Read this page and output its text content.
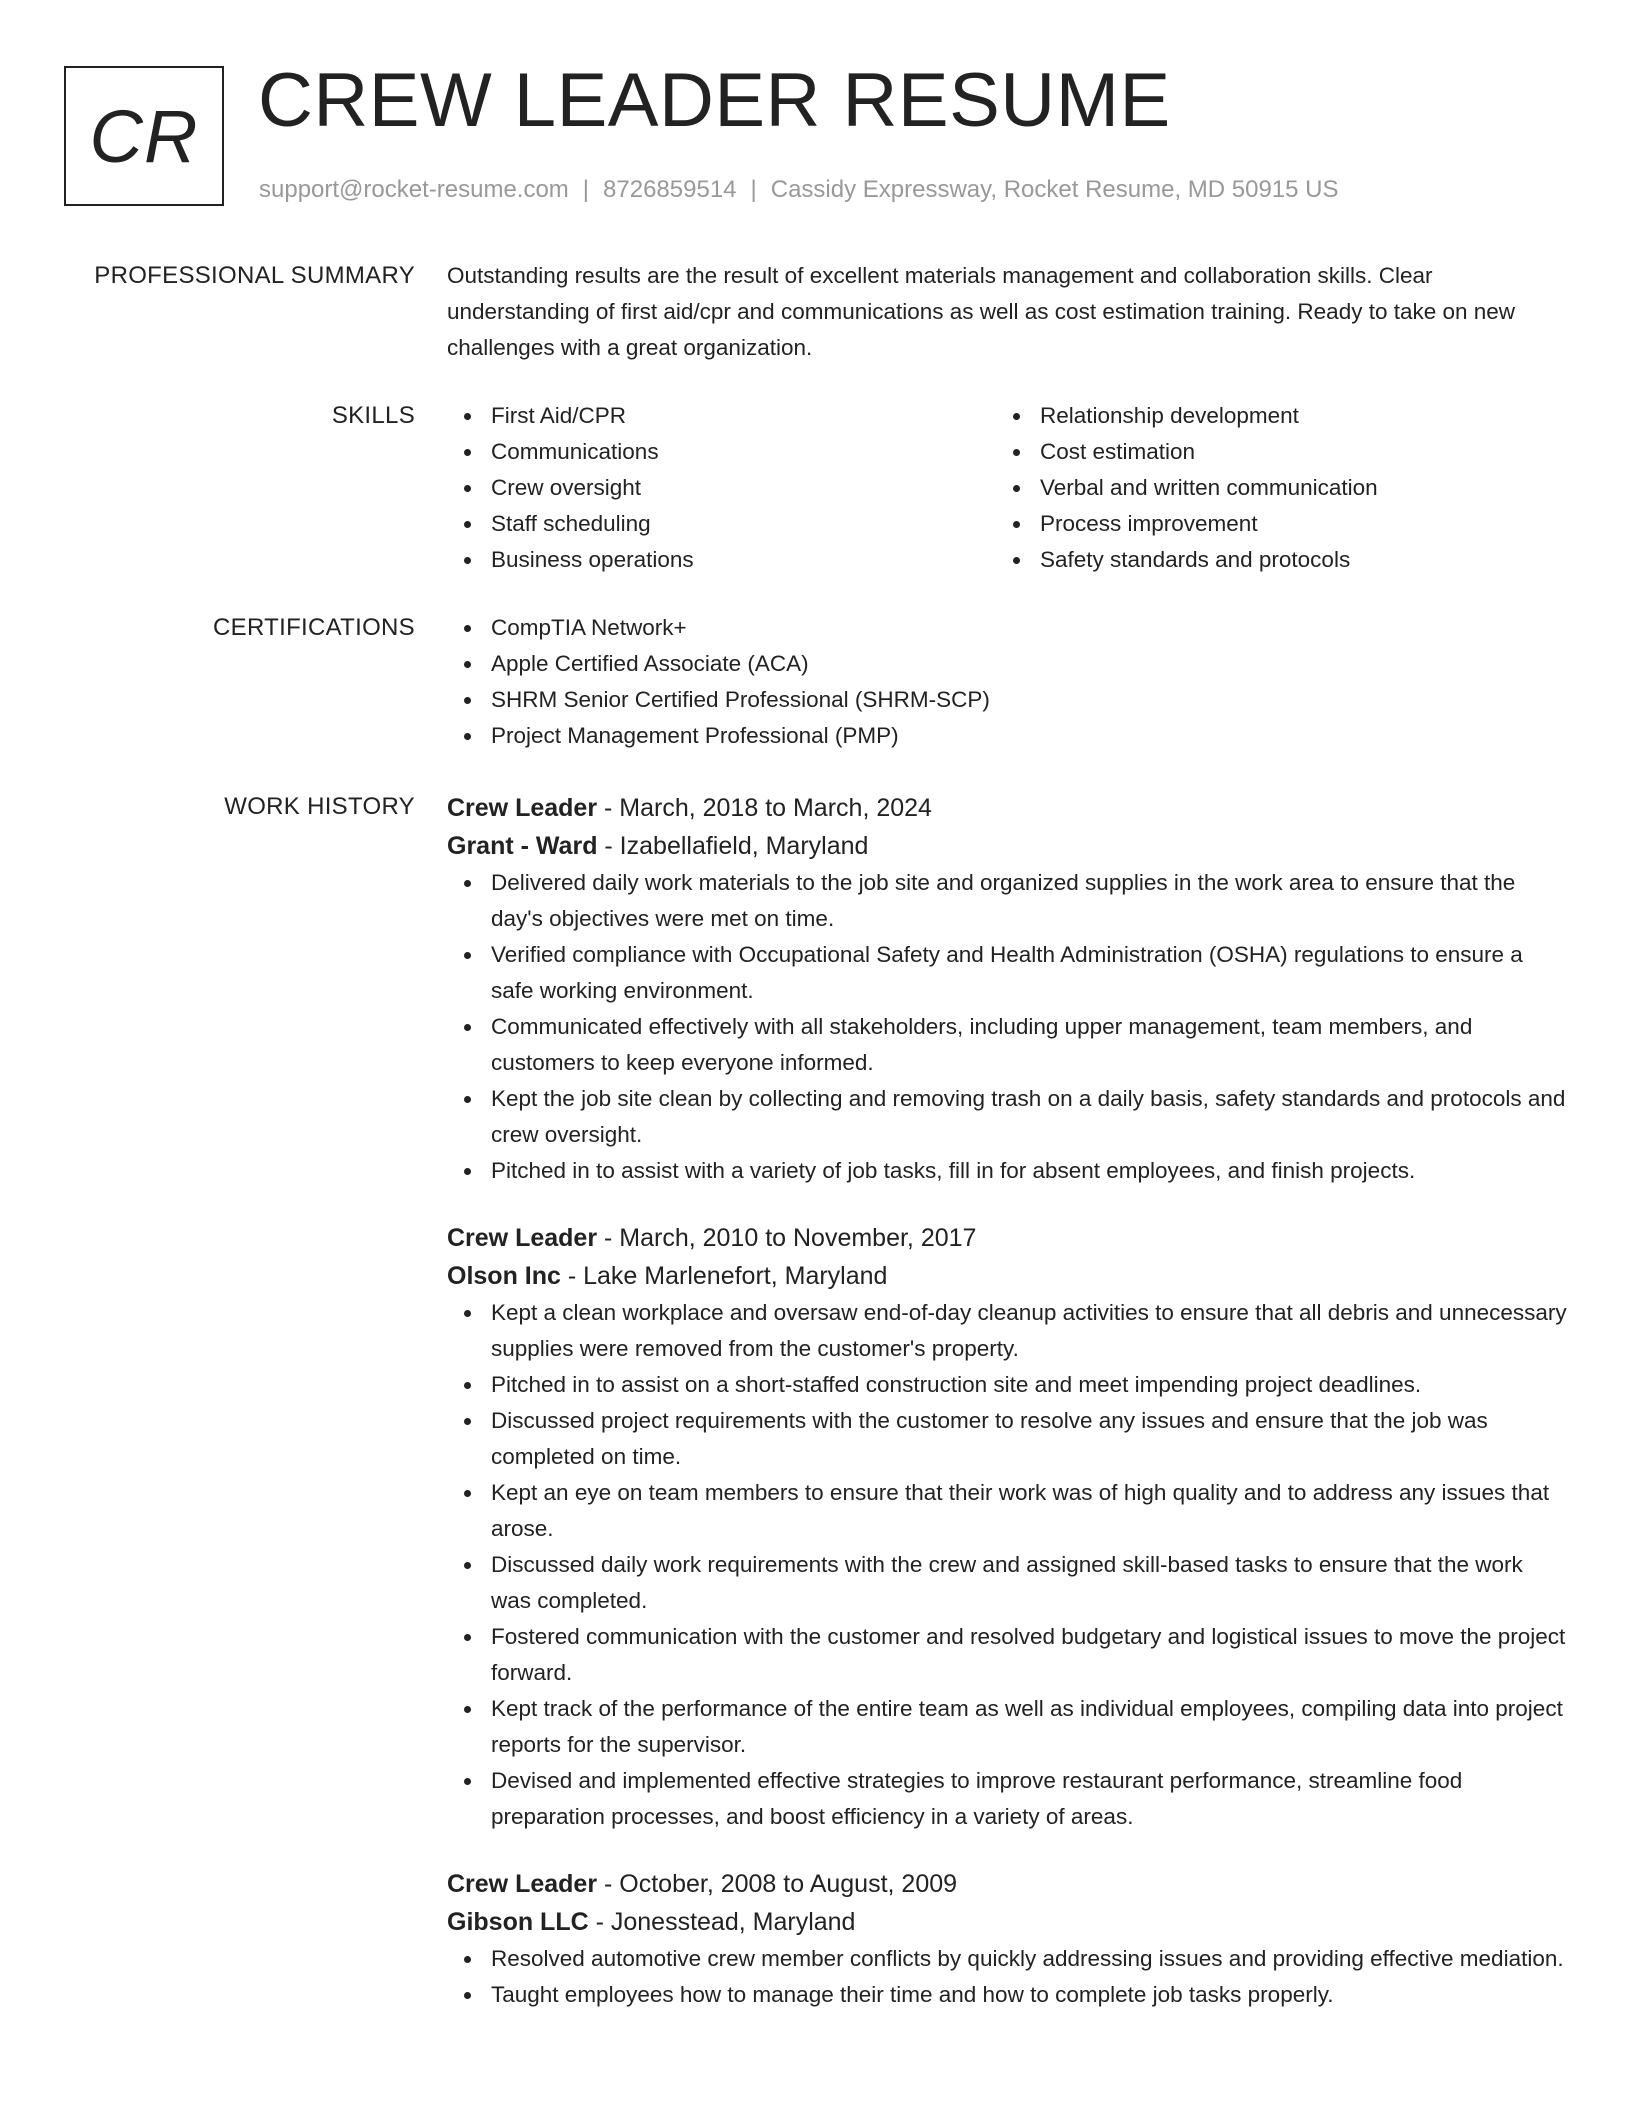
CR CREW LEADER RESUME
support@rocket-resume.com | 8726859514 | Cassidy Expressway, Rocket Resume, MD 50915 US
PROFESSIONAL SUMMARY Outstanding results are the result of excellent materials management and collaboration skills. Clear understanding of first aid/cpr and communications as well as cost estimation training. Ready to take on new challenges with a great organization.
SKILLS	First Aid/CPR
Communications
Crew oversight
Staff scheduling
Business operations
Relationship development
Cost estimation
Verbal and written communication
Process improvement
Safety standards and protocols
CERTIFICATIONS	CompTIA Network+
Apple Certified Associate (ACA)
SHRM Senior Certified Professional (SHRM-SCP)
Project Management Professional (PMP)
WORK HISTORY Crew Leader - March, 2018 to March, 2024
Grant - Ward - Izabellafield, Maryland
Delivered daily work materials to the job site and organized supplies in the work area to ensure that the day's objectives were met on time.
Verified compliance with Occupational Safety and Health Administration (OSHA) regulations to ensure a safe working environment.
Communicated effectively with all stakeholders, including upper management, team members, and customers to keep everyone informed.
Kept the job site clean by collecting and removing trash on a daily basis, safety standards and protocols and crew oversight.
Pitched in to assist with a variety of job tasks, fill in for absent employees, and finish projects.
Crew Leader - March, 2010 to November, 2017
Olson Inc - Lake Marlenefort, Maryland
Kept a clean workplace and oversaw end-of-day cleanup activities to ensure that all debris and unnecessary supplies were removed from the customer's property.
Pitched in to assist on a short-staffed construction site and meet impending project deadlines.
Discussed project requirements with the customer to resolve any issues and ensure that the job was completed on time.
Kept an eye on team members to ensure that their work was of high quality and to address any issues that arose.
Discussed daily work requirements with the crew and assigned skill-based tasks to ensure that the work was completed.
Fostered communication with the customer and resolved budgetary and logistical issues to move the project forward.
Kept track of the performance of the entire team as well as individual employees, compiling data into project reports for the supervisor.
Devised and implemented effective strategies to improve restaurant performance, streamline food preparation processes, and boost efficiency in a variety of areas.
Crew Leader - October, 2008 to August, 2009
Gibson LLC - Jonesstead, Maryland
Resolved automotive crew member conflicts by quickly addressing issues and providing effective mediation.
Taught employees how to manage their time and how to complete job tasks properly.
